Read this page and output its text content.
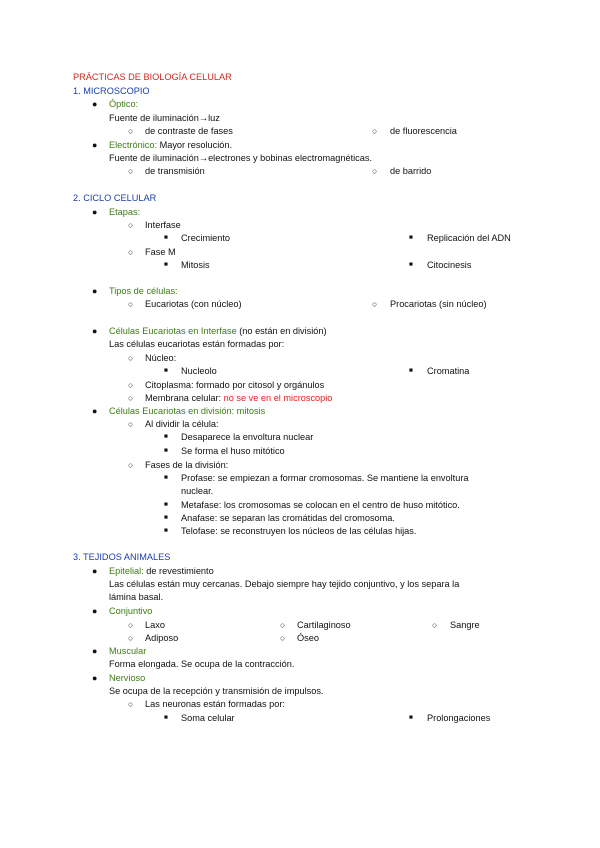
PRÁCTICAS DE BIOLOGÍA CELULAR
1. MICROSCOPIO
● Óptico:
Fuente de iluminación→luz
○ de contraste de fases	○ de fluorescencia
● Electrónico: Mayor resolución.
Fuente de iluminación→electrones y bobinas electromagnéticas.
○ de transmisión	○ de barrido
2. CICLO CELULAR
● Etapas:
○ Interfase
■ Crecimiento	■ Replicación del ADN
○ Fase M
■ Mitosis	■ Citocinesis
● Tipos de células:
○ Eucariotas (con núcleo)	○ Procariotas (sin núcleo)
● Células Eucariotas en Interfase (no están en división)
Las células eucariotas están formadas por:
○ Núcleo:
■ Nucleolo	■ Cromatina
○ Citoplasma: formado por citosol y orgánulos
○ Membrana celular: no se ve en el microscopio
● Células Eucariotas en división: mitosis
○ Al dividir la célula:
■ Desaparece la envoltura nuclear
■ Se forma el huso mitótico
○ Fases de la división:
■ Profase: se empiezan a formar cromosomas. Se mantiene la envoltura
nuclear.
■ Metafase: los cromosomas se colocan en el centro de huso mitótico.
■ Anafase: se separan las cromátidas del cromosoma.
■ Telofase: se reconstruyen los núcleos de las células hijas.
3. TEJIDOS ANIMALES
● Epitelial: de revestimiento
Las células están muy cercanas. Debajo siempre hay tejido conjuntivo, y los separa la
lámina basal.
● Conjuntivo
○ Laxo	○ Cartilaginoso	○ Sangre
○ Adiposo	○ Óseo
● Muscular
Forma elongada. Se ocupa de la contracción.
● Nervioso
Se ocupa de la recepción y transmisión de impulsos.
○ Las neuronas están formadas por:
■ Soma celular	■ Prolongaciones
